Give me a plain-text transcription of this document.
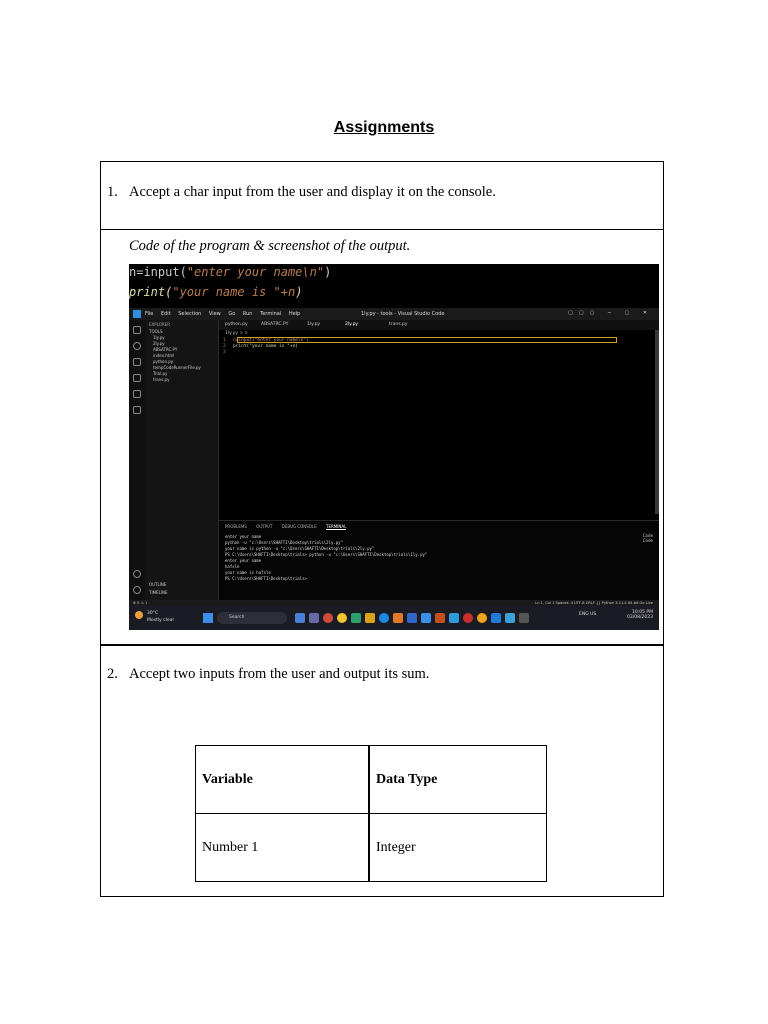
Assignments
1. Accept a char input from the user and display it on the console.
Code of the program & screenshot of the output.
n=input("enter your name\n")
print("your name is "+n)
File Edit Selection View Go Run Terminal Help	1ly.py - tools - Visual Studio Code	▢▢▢ ─ ▢ ✕
EXPLORER
TOOLS
1ly.py
2ly.py
ABSATRC.PY
index.html
python.py
tempCodeRunnerFile.py
Trial.py
trans.py
OUTLINE
TIMELINE
python.py	ABSATRC.PY	1ly.py	2ly.py	trans.py
1ly.py > n
1 n=input("enter your name\n")
2 print("your name is "+n)
3
PROBLEMS OUTPUT DEBUG CONSOLE TERMINAL
enter your name
python -u "c:\Users\SHAFTI\Desktop\trials\2ly.py"
your name is python -u "c:\Users\SHAFTI\Desktop\trials\2ly.py"
PS C:\Users\SHAFTI\Desktop\trials> python -u "c:\Users\SHAFTI\Desktop\trials\1ly.py"
enter your name
hafsle
your name is hafsle
PS C:\Users\SHAFTI\Desktop\trials>
Code
Code
⊗ 0 ⚠ 1	Ln 1, Col 1 Spaces: 4 UTF-8 CRLF {} Python 3.11.4 64-bit Go Live
30°C
Mostly clear
Search
ENG US	10:05 PM
03/08/2023
2. Accept two inputs from the user and output its sum.
Variable	Data Type
Number 1	Integer
